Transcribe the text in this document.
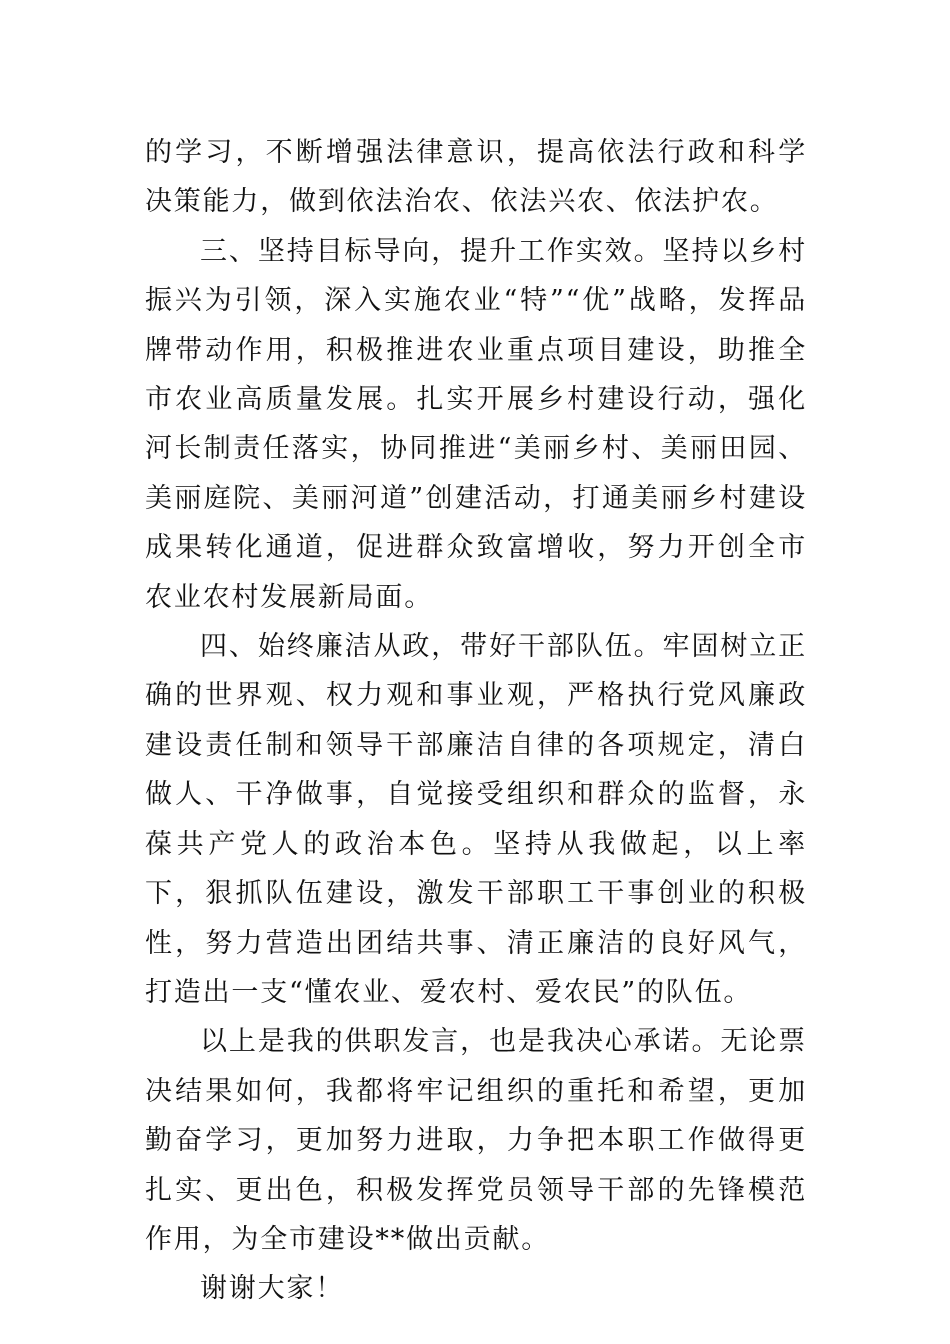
的学习，不断增强法律意识，提高依法行政和科学决策能力，做到依法治农、依法兴农、依法护农。

三、坚持目标导向，提升工作实效。坚持以乡村振兴为引领，深入实施农业“特”“优”战略，发挥品牌带动作用，积极推进农业重点项目建设，助推全市农业高质量发展。扎实开展乡村建设行动，强化河长制责任落实，协同推进“美丽乡村、美丽田园、美丽庭院、美丽河道”创建活动，打通美丽乡村建设成果转化通道，促进群众致富增收，努力开创全市农业农村发展新局面。

四、始终廉洁从政，带好干部队伍。牢固树立正确的世界观、权力观和事业观，严格执行党风廉政建设责任制和领导干部廉洁自律的各项规定，清白做人、干净做事，自觉接受组织和群众的监督，永葆共产党人的政治本色。坚持从我做起，以上率下，狠抓队伍建设，激发干部职工干事创业的积极性，努力营造出团结共事、清正廉洁的良好风气，打造出一支“懂农业、爱农村、爱农民”的队伍。

以上是我的供职发言，也是我决心承诺。无论票决结果如何，我都将牢记组织的重托和希望，更加勤奋学习，更加努力进取，力争把本职工作做得更扎实、更出色，积极发挥党员领导干部的先锋模范作用，为全市建设**做出贡献。

谢谢大家！
